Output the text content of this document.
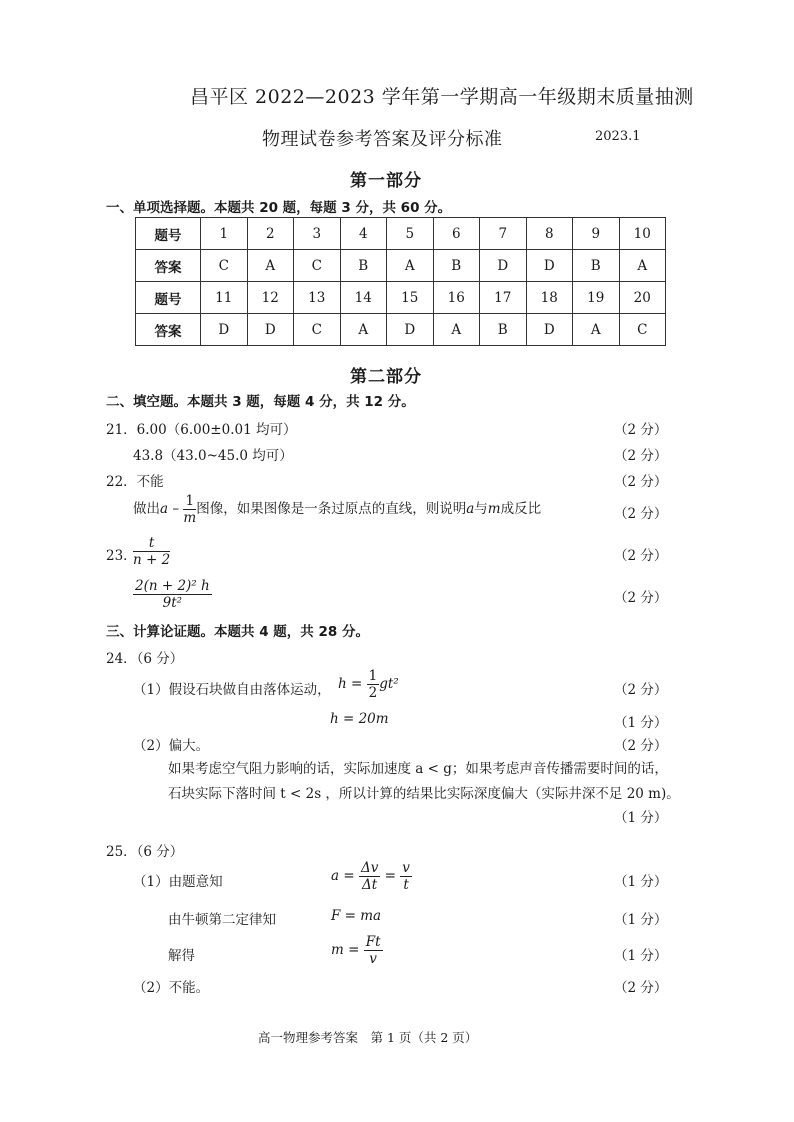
昌平区 2022—2023 学年第一学期高一年级期末质量抽测
物理试卷参考答案及评分标准	2023.1
第一部分
一、单项选择题。本题共 20 题，每题 3 分，共 60 分。
题号	1	2	3	4	5	6	7	8	9	10
答案	C	A	C	B	A	B	D	D	B	A
题号	11	12	13	14	15	16	17	18	19	20
答案	D	D	C	A	D	A	B	D	A	C
第二部分
二、填空题。本题共 3 题，每题 4 分，共 12 分。
21．6.00（6.00±0.01 均可）	（2 分）
43.8（43.0~45.0 均可）	（2 分）
22．不能	（2 分）
做出a – $\frac{1}{m}$ 图像，如果图像是一条过原点的直线，则说明a与m成反比	（2 分）
23．
$\frac{t}{n + 2}$	（2 分）
$\frac{\text{2(n + 2)² h}}{\text{9t²}}$	（2 分）
三、计算论证题。本题共 4 题，共 28 分。
24．（6 分）
（1）假设石块做自由落体运动， $h = \frac{1}{2} gt^2$	（2 分）
h = 20m	（1 分）
（2）偏大。	（2 分）
如果考虑空气阻力影响的话，实际加速度 a < g；如果考虑声音传播需要时间的话，
石块实际下落时间 t < 2s ，所以计算的结果比实际深度偏大（实际井深不足 20 m)。
（1 分）
25．（6 分）
（1）由题意知	$a = \frac{\Delta v}{\Delta t} = \frac{v}{t}$	（1 分）
由牛顿第二定律知	F = ma	（1 分）
解得	$m = \frac{Ft}{v}$	（1 分）
（2）不能。	（2 分）
高一物理参考答案　第 1 页（共 2 页）
